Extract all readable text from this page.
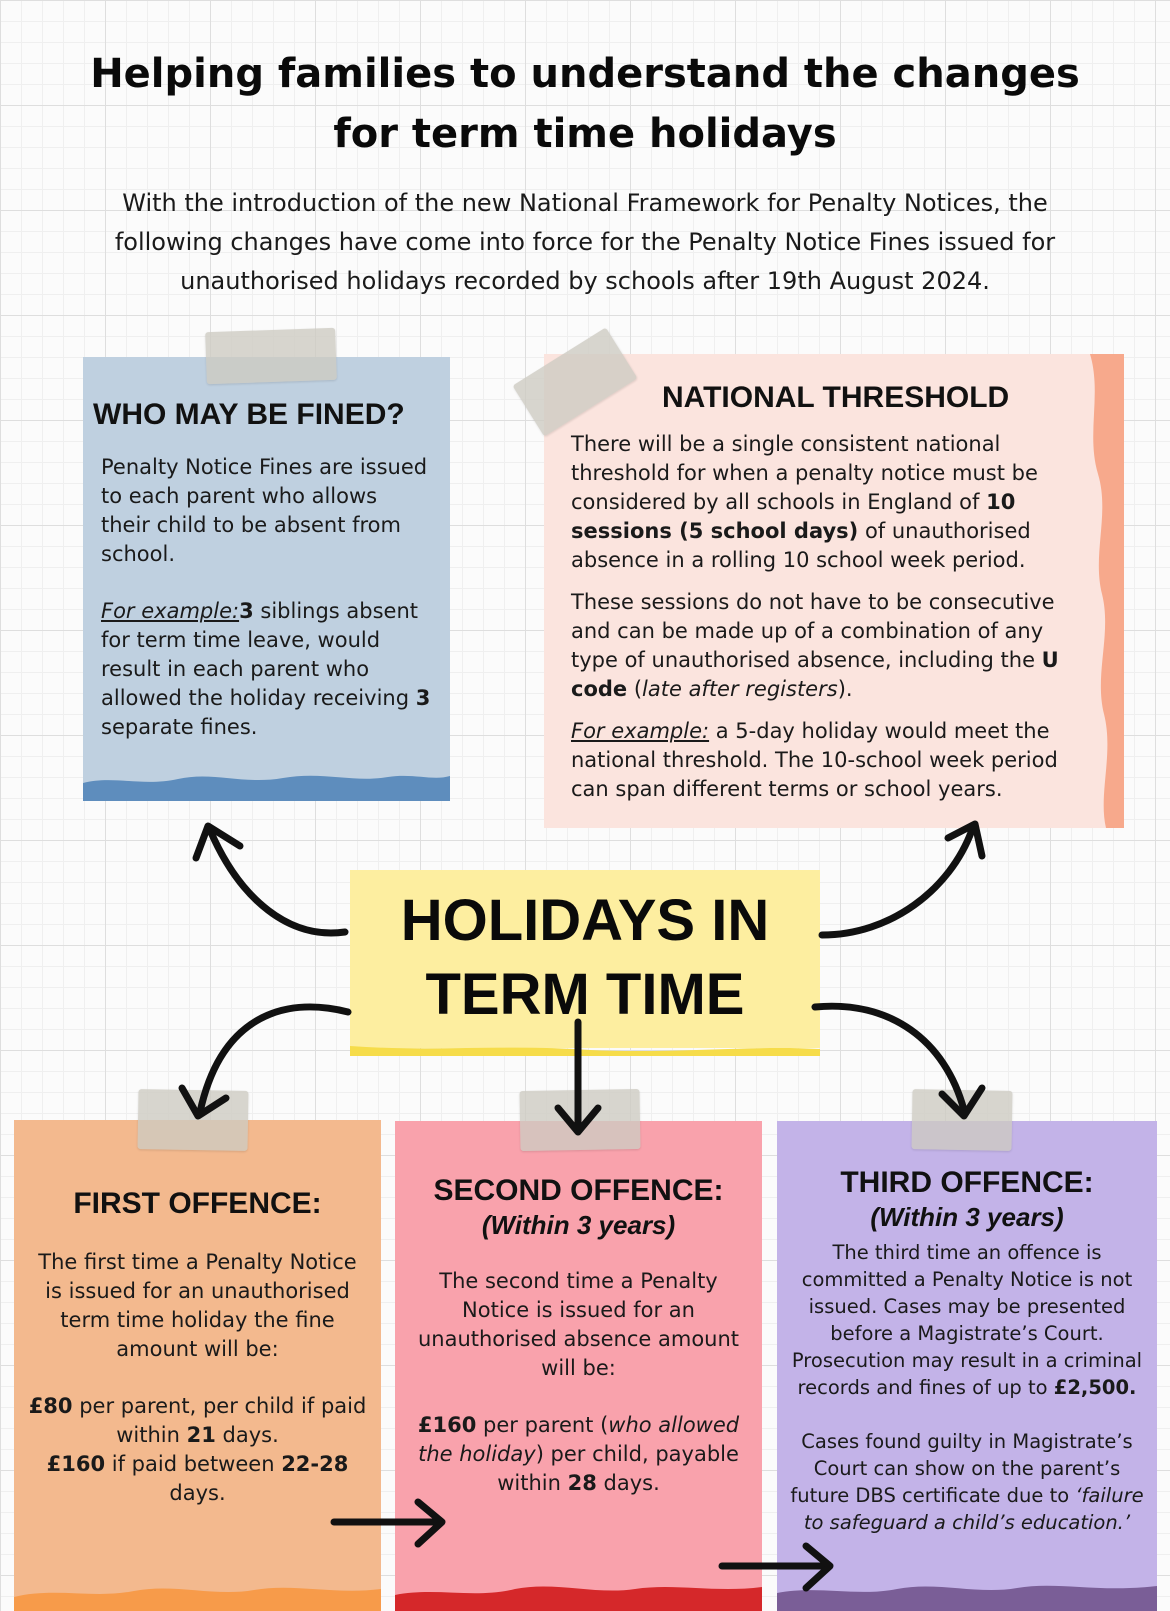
Helping families to understand the changes
for term time holidays
With the introduction of the new National Framework for Penalty Notices, the
following changes have come into force for the Penalty Notice Fines issued for
unauthorised holidays recorded by schools after 19th August 2024.
WHO MAY BE FINED?

Penalty Notice Fines are issued to each parent who allows their child to be absent from school.

For example:3 siblings absent for term time leave, would result in each parent who allowed the holiday receiving 3 separate fines.

NATIONAL THRESHOLD

There will be a single consistent national threshold for when a penalty notice must be considered by all schools in England of 10 sessions (5 school days) of unauthorised absence in a rolling 10 school week period.

These sessions do not have to be consecutive and can be made up of a combination of any type of unauthorised absence, including the U code (late after registers).

For example: a 5-day holiday would meet the national threshold. The 10-school week period can span different terms or school years.

HOLIDAYS IN
TERM TIME
FIRST OFFENCE:

The first time a Penalty Notice is issued for an unauthorised term time holiday the fine amount will be:

£80 per parent, per child if paid within 21 days.
£160 if paid between 22-28 days.

SECOND OFFENCE:
(Within 3 years)

The second time a Penalty Notice is issued for an unauthorised absence amount will be:

£160 per parent (who allowed the holiday) per child, payable within 28 days.

THIRD OFFENCE:
(Within 3 years)

The third time an offence is committed a Penalty Notice is not issued. Cases may be presented before a Magistrate’s Court. Prosecution may result in a criminal records and fines of up to £2,500.

Cases found guilty in Magistrate’s Court can show on the parent’s future DBS certificate due to ‘failure to safeguard a child’s education.’
